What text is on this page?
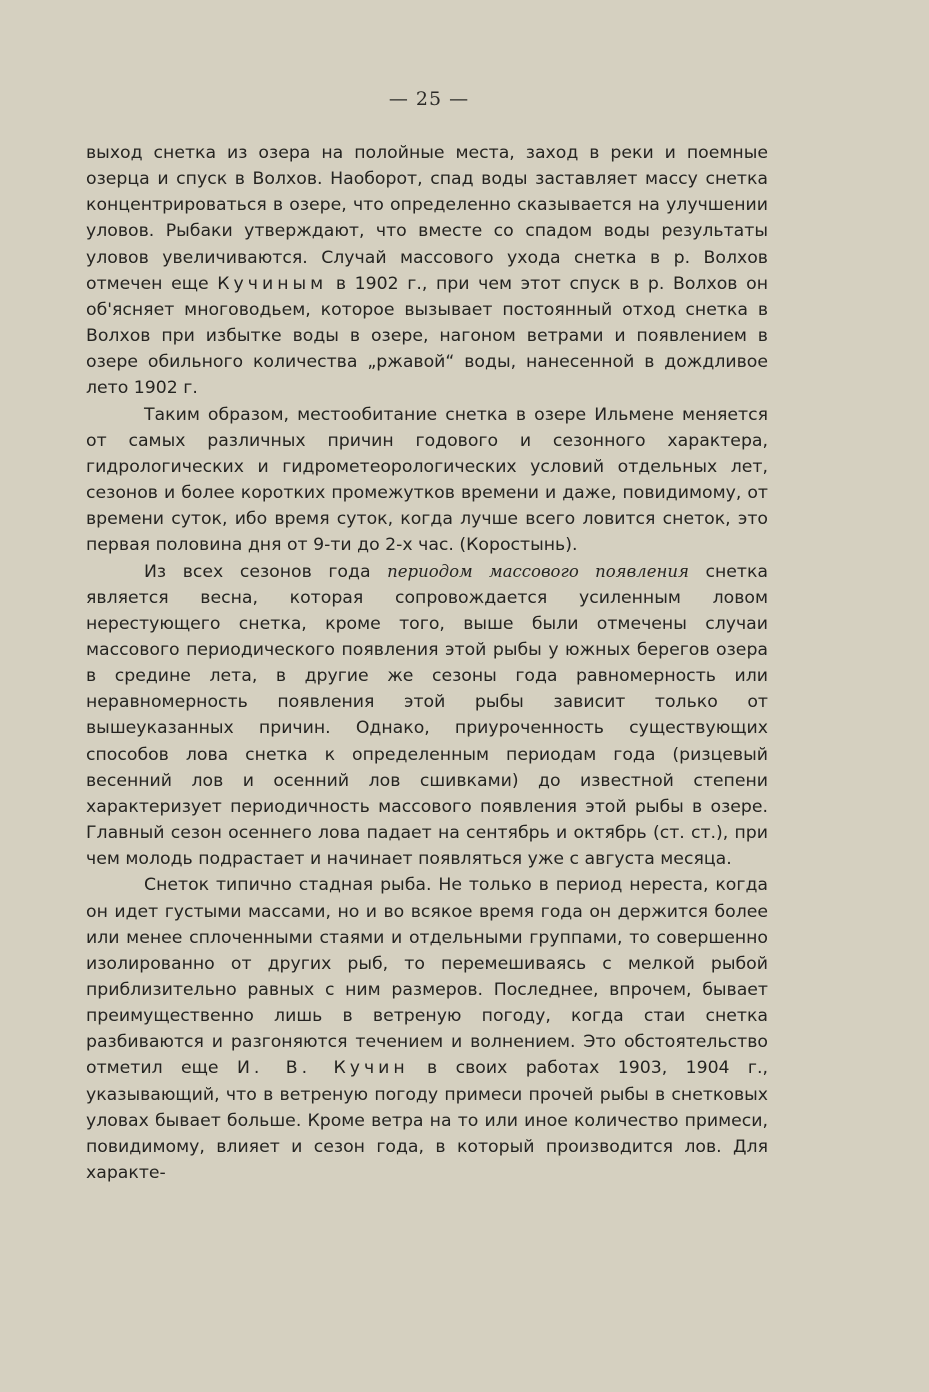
— 25 —

выход снетка из озера на полойные места, заход в реки и поемные озерца и спуск в Волхов. Наоборот, спад воды заставляет массу снетка концентрироваться в озере, что определенно сказывается на улучшении уловов. Рыбаки утверждают, что вместе со спадом воды результаты уловов увеличиваются. Случай массового ухода снетка в р. Волхов отмечен еще Кучиным в 1902 г., при чем этот спуск в р. Волхов он об'ясняет многоводьем, которое вызывает постоянный отход снетка в Волхов при избытке воды в озере, нагоном ветрами и появлением в озере обильного количества „ржавой“ воды, нанесенной в дождливое лето 1902 г.

Таким образом, местообитание снетка в озере Ильмене меняется от самых различных причин годового и сезонного характера, гидрологических и гидрометеорологических условий отдельных лет, сезонов и более коротких промежутков времени и даже, повидимому, от времени суток, ибо время суток, когда лучше всего ловится снеток, это первая половина дня от 9-ти до 2-х час. (Коростынь).

Из всех сезонов года периодом массового появления снетка является весна, которая сопровождается усиленным ловом нерестующего снетка, кроме того, выше были отмечены случаи массового периодического появления этой рыбы у южных берегов озера в средине лета, в другие же сезоны года равномерность или неравномерность появления этой рыбы зависит только от вышеуказанных причин. Однако, приуроченность существующих способов лова снетка к определенным периодам года (ризцевый весенний лов и осенний лов сшивками) до известной степени характеризует периодичность массового появления этой рыбы в озере. Главный сезон осеннего лова падает на сентябрь и октябрь (ст. ст.), при чем молодь подрастает и начинает появляться уже с августа месяца.

Снеток типично стадная рыба. Не только в период нереста, когда он идет густыми массами, но и во всякое время года он держится более или менее сплоченными стаями и отдельными группами, то совершенно изолированно от других рыб, то перемешиваясь с мелкой рыбой приблизительно равных с ним размеров. Последнее, впрочем, бывает преимущественно лишь в ветреную погоду, когда стаи снетка разбиваются и разгоняются течением и волнением. Это обстоятельство отметил еще И. В. Кучин в своих работах 1903, 1904 г., указывающий, что в ветреную погоду примеси прочей рыбы в снетковых уловах бывает больше. Кроме ветра на то или иное количество примеси, повидимому, влияет и сезон года, в который производится лов. Для характе-
